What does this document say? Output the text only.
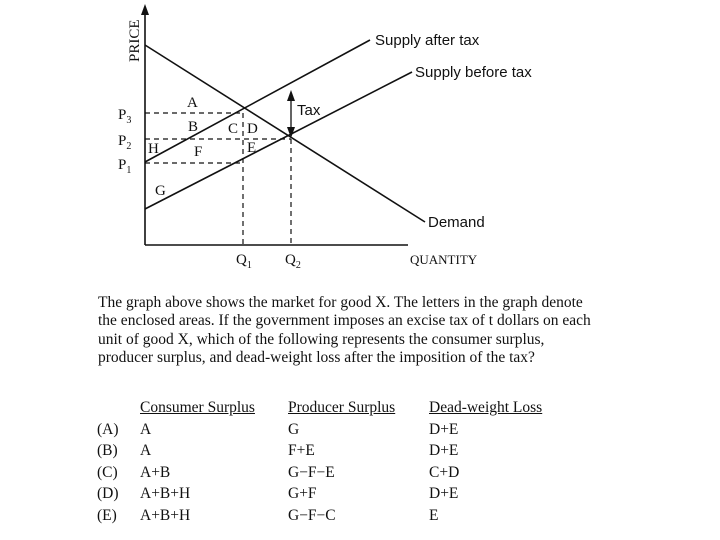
PRICE
QUANTITY
Supply after tax
Supply before tax
Demand
Tax
$P_3$
$P_2$
$P_1$
$Q_1$ $Q_2$
A
B C D
E
F
G
H
The graph above shows the market for good X. The letters in the graph denote the enclosed areas. If the government imposes an excise tax of t dollars on each unit of good X, which of the following represents the consumer surplus, producer surplus, and dead-weight loss after the imposition of the tax?
	Consumer Surplus	Producer Surplus	Dead-weight Loss
(A)	A	G	D+E
(B)	A	F+E	D+E
(C)	A+B	G−F−E	C+D
(D)	A+B+H	G+F	D+E
(E)	A+B+H	G−F−C	E
